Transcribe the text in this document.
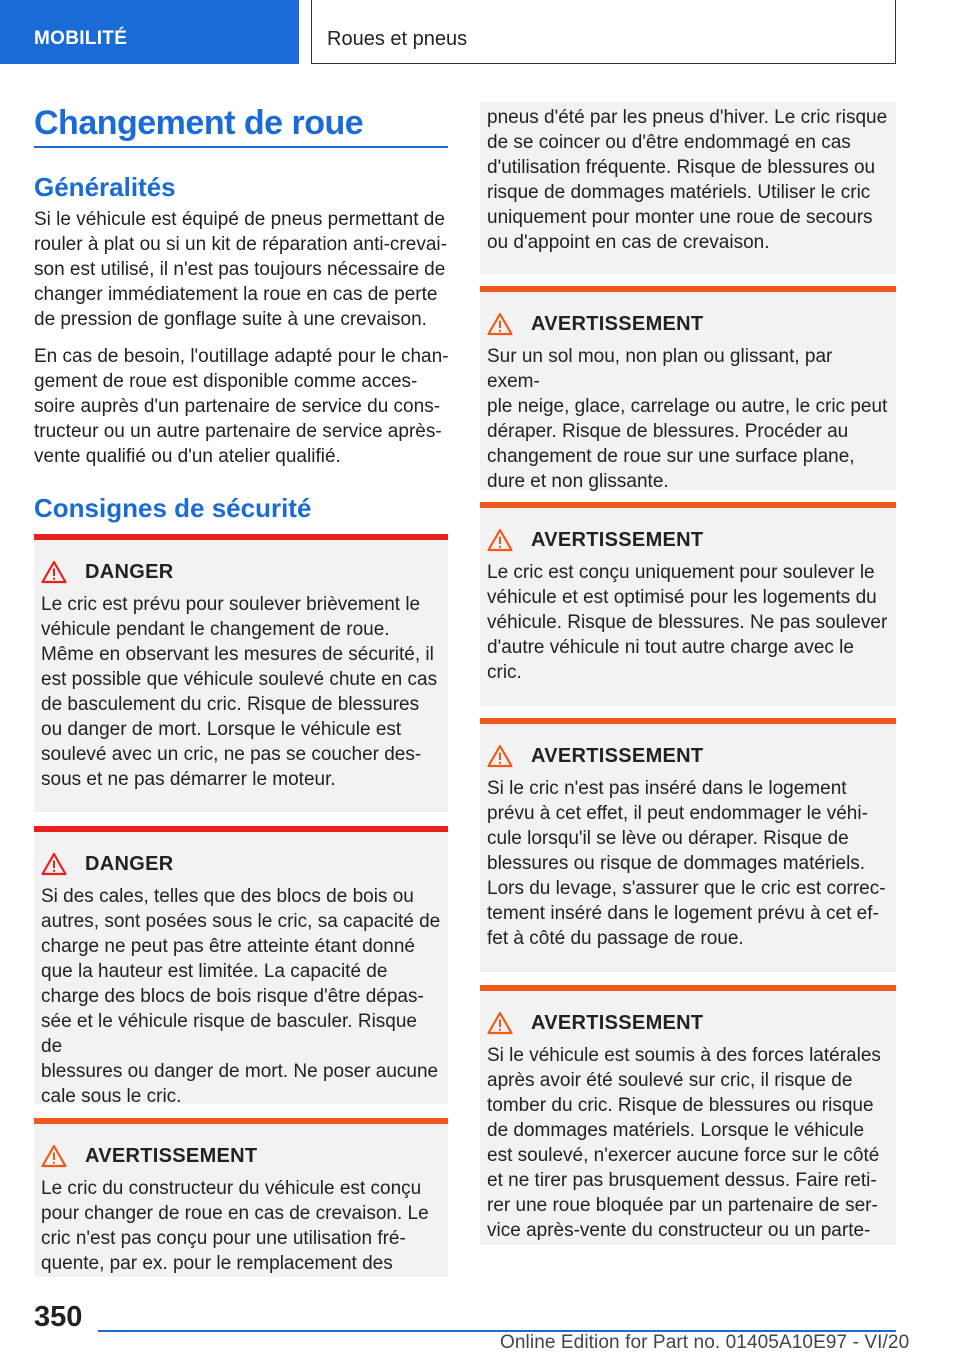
MOBILITÉ	Roues et pneus
Changement de roue
Généralités

Si le véhicule est équipé de pneus permettant de
rouler à plat ou si un kit de réparation anti-crevai‐
son est utilisé, il n'est pas toujours nécessaire de
changer immédiatement la roue en cas de perte
de pression de gonflage suite à une crevaison.

En cas de besoin, l'outillage adapté pour le chan‐
gement de roue est disponible comme acces‐
soire auprès d'un partenaire de service du cons‐
tructeur ou un autre partenaire de service après-
vente qualifié ou d'un atelier qualifié.

Consignes de sécurité
DANGER

Le cric est prévu pour soulever brièvement le
véhicule pendant le changement de roue.
Même en observant les mesures de sécurité, il
est possible que véhicule soulevé chute en cas
de basculement du cric. Risque de blessures
ou danger de mort. Lorsque le véhicule est
soulevé avec un cric, ne pas se coucher des‐
sous et ne pas démarrer le moteur.

DANGER

Si des cales, telles que des blocs de bois ou
autres, sont posées sous le cric, sa capacité de
charge ne peut pas être atteinte étant donné
que la hauteur est limitée. La capacité de
charge des blocs de bois risque d'être dépas‐
sée et le véhicule risque de basculer. Risque de
blessures ou danger de mort. Ne poser aucune
cale sous le cric.

AVERTISSEMENT

Le cric du constructeur du véhicule est conçu
pour changer de roue en cas de crevaison. Le
cric n'est pas conçu pour une utilisation fré‐
quente, par ex. pour le remplacement des

pneus d'été par les pneus d'hiver. Le cric risque
de se coincer ou d'être endommagé en cas
d'utilisation fréquente. Risque de blessures ou
risque de dommages matériels. Utiliser le cric
uniquement pour monter une roue de secours
ou d'appoint en cas de crevaison.

AVERTISSEMENT

Sur un sol mou, non plan ou glissant, par exem‐
ple neige, glace, carrelage ou autre, le cric peut
déraper. Risque de blessures. Procéder au
changement de roue sur une surface plane,
dure et non glissante.

AVERTISSEMENT

Le cric est conçu uniquement pour soulever le
véhicule et est optimisé pour les logements du
véhicule. Risque de blessures. Ne pas soulever
d'autre véhicule ni tout autre charge avec le
cric.

AVERTISSEMENT

Si le cric n'est pas inséré dans le logement
prévu à cet effet, il peut endommager le véhi‐
cule lorsqu'il se lève ou déraper. Risque de
blessures ou risque de dommages matériels.
Lors du levage, s'assurer que le cric est correc‐
tement inséré dans le logement prévu à cet ef‐
fet à côté du passage de roue.

AVERTISSEMENT

Si le véhicule est soumis à des forces latérales
après avoir été soulevé sur cric, il risque de
tomber du cric. Risque de blessures ou risque
de dommages matériels. Lorsque le véhicule
est soulevé, n'exercer aucune force sur le côté
et ne tirer pas brusquement dessus. Faire reti‐
rer une roue bloquée par un partenaire de ser‐
vice après-vente du constructeur ou un parte‐

350
Online Edition for Part no. 01405A10E97 - VI/20
